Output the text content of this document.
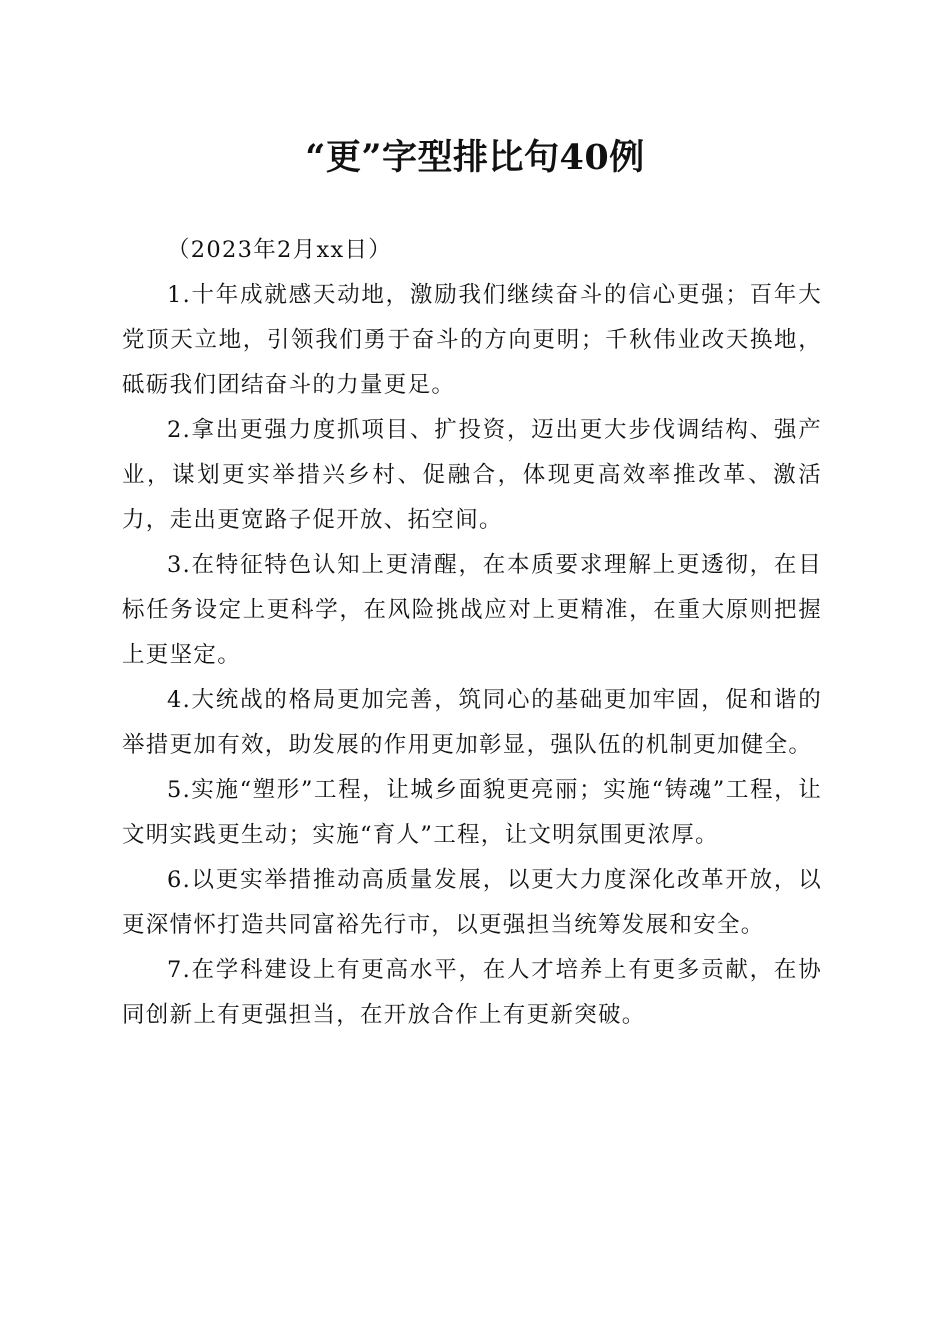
“更”字型排比句40例

（2023年2月xx日）

1.十年成就感天动地，激励我们继续奋斗的信心更强；百年大党顶天立地，引领我们勇于奋斗的方向更明；千秋伟业改天换地，砥砺我们团结奋斗的力量更足。

2.拿出更强力度抓项目、扩投资，迈出更大步伐调结构、强产业，谋划更实举措兴乡村、促融合，体现更高效率推改革、激活力，走出更宽路子促开放、拓空间。

3.在特征特色认知上更清醒，在本质要求理解上更透彻，在目标任务设定上更科学，在风险挑战应对上更精准，在重大原则把握上更坚定。

4.大统战的格局更加完善，筑同心的基础更加牢固，促和谐的举措更加有效，助发展的作用更加彰显，强队伍的机制更加健全。

5.实施“塑形”工程，让城乡面貌更亮丽；实施“铸魂”工程，让文明实践更生动；实施“育人”工程，让文明氛围更浓厚。

6.以更实举措推动高质量发展，以更大力度深化改革开放，以更深情怀打造共同富裕先行市，以更强担当统筹发展和安全。

7.在学科建设上有更高水平，在人才培养上有更多贡献，在协同创新上有更强担当，在开放合作上有更新突破。
